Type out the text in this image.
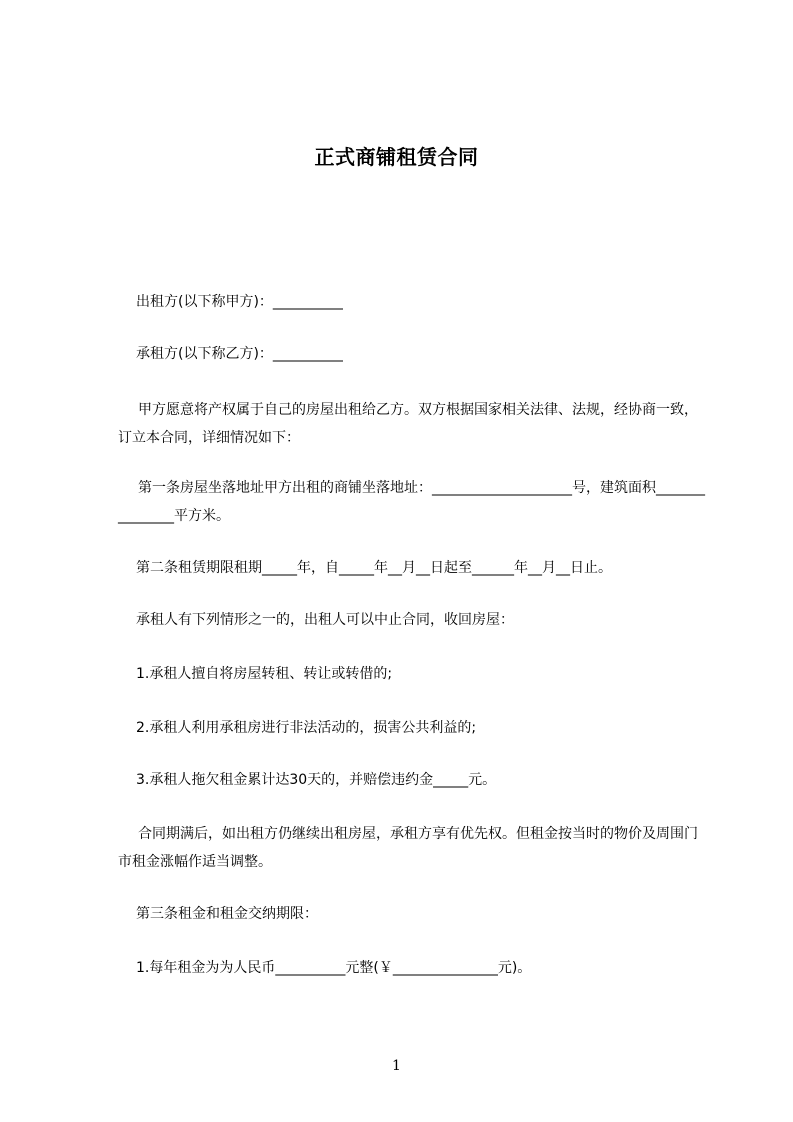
正式商铺租赁合同
出租方(以下称甲方)：__________
承租方(以下称乙方)：__________
甲方愿意将产权属于自己的房屋出租给乙方。双方根据国家相关法律、法规，经协商一致，订立本合同，详细情况如下：
第一条房屋坐落地址甲方出租的商铺坐落地址：____________________号，建筑面积_______________平方米。
第二条租赁期限租期_____年，自_____年__月__日起至______年__月__日止。
承租人有下列情形之一的，出租人可以中止合同，收回房屋：
1.承租人擅自将房屋转租、转让或转借的;
2.承租人利用承租房进行非法活动的，损害公共利益的;
3.承租人拖欠租金累计达30天的，并赔偿违约金_____元。
合同期满后，如出租方仍继续出租房屋，承租方享有优先权。但租金按当时的物价及周围门市租金涨幅作适当调整。
第三条租金和租金交纳期限：
1.每年租金为为人民币__________元整(￥_______________元)。
1
